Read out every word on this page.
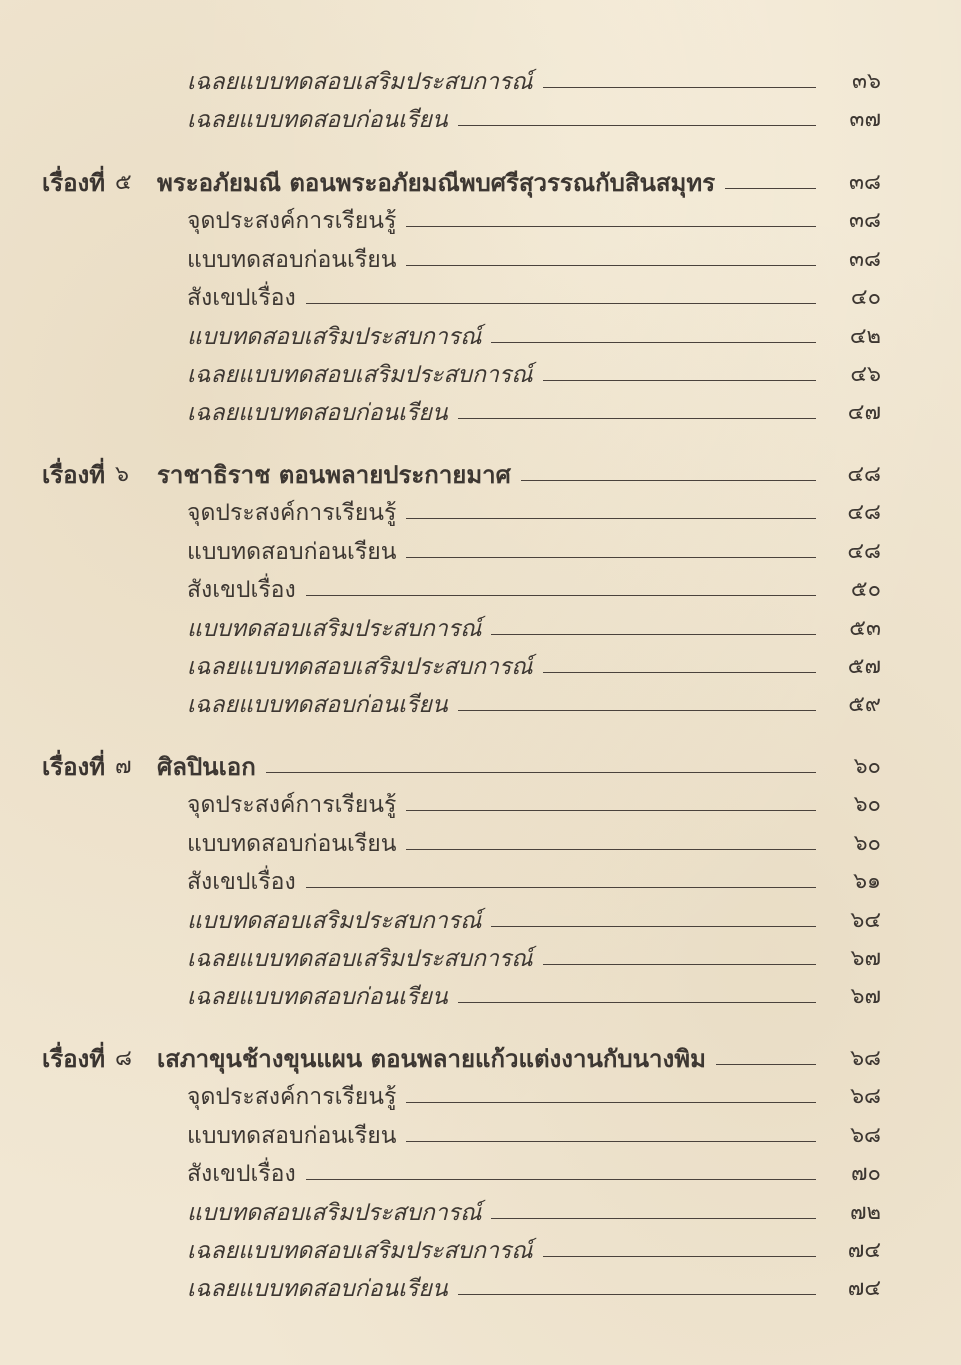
เฉลยแบบทดสอบเสริมประสบการณ์	๓๖
เฉลยแบบทดสอบก่อนเรียน	๓๗
เรื่องที่ ๕ พระอภัยมณี ตอนพระอภัยมณีพบศรีสุวรรณกับสินสมุทร	๓๘
จุดประสงค์การเรียนรู้	๓๘
แบบทดสอบก่อนเรียน	๓๘
สังเขปเรื่อง	๔๐
แบบทดสอบเสริมประสบการณ์	๔๒
เฉลยแบบทดสอบเสริมประสบการณ์	๔๖
เฉลยแบบทดสอบก่อนเรียน	๔๗
เรื่องที่ ๖ ราชาธิราช ตอนพลายประกายมาศ	๔๘
จุดประสงค์การเรียนรู้	๔๘
แบบทดสอบก่อนเรียน	๔๘
สังเขปเรื่อง	๕๐
แบบทดสอบเสริมประสบการณ์	๕๓
เฉลยแบบทดสอบเสริมประสบการณ์	๕๗
เฉลยแบบทดสอบก่อนเรียน	๕๙
เรื่องที่ ๗ ศิลปินเอก	๖๐
จุดประสงค์การเรียนรู้	๖๐
แบบทดสอบก่อนเรียน	๖๐
สังเขปเรื่อง	๖๑
แบบทดสอบเสริมประสบการณ์	๖๔
เฉลยแบบทดสอบเสริมประสบการณ์	๖๗
เฉลยแบบทดสอบก่อนเรียน	๖๗
เรื่องที่ ๘ เสภาขุนช้างขุนแผน ตอนพลายแก้วแต่งงานกับนางพิม	๖๘
จุดประสงค์การเรียนรู้	๖๘
แบบทดสอบก่อนเรียน	๖๘
สังเขปเรื่อง	๗๐
แบบทดสอบเสริมประสบการณ์	๗๒
เฉลยแบบทดสอบเสริมประสบการณ์	๗๔
เฉลยแบบทดสอบก่อนเรียน	๗๔
